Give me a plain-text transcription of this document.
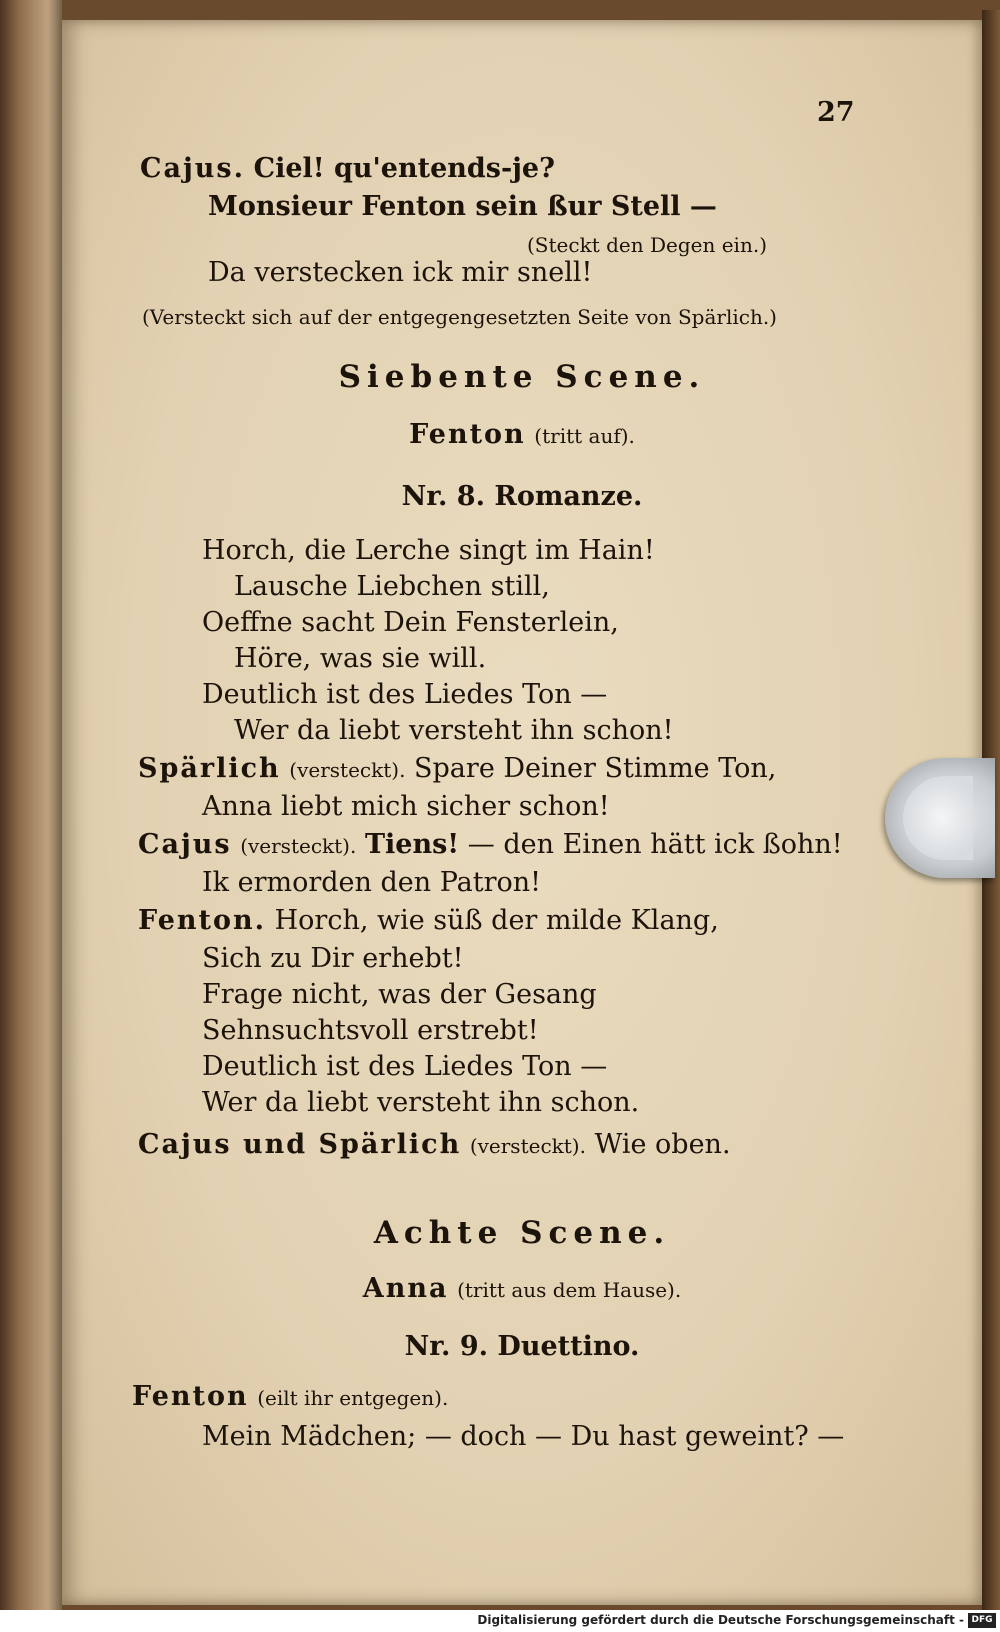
27
Cajus. Ciel! qu'entends-je?
Monsieur Fenton sein ßur Stell —
(Steckt den Degen ein.)
Da verstecken ick mir snell!
(Versteckt sich auf der entgegengesetzten Seite von Spärlich.)
Siebente Scene.
Fenton (tritt auf).
Nr. 8. Romanze.
Horch, die Lerche singt im Hain!
Lausche Liebchen still,
Oeffne sacht Dein Fensterlein,
Höre, was sie will.
Deutlich ist des Liedes Ton —
Wer da liebt versteht ihn schon!
Spärlich (versteckt). Spare Deiner Stimme Ton,
Anna liebt mich sicher schon!
Cajus (versteckt). Tiens! — den Einen hätt ick ßohn!
Ik ermorden den Patron!
Fenton. Horch, wie süß der milde Klang,
Sich zu Dir erhebt!
Frage nicht, was der Gesang
Sehnsuchtsvoll erstrebt!
Deutlich ist des Liedes Ton —
Wer da liebt versteht ihn schon.
Cajus und Spärlich (versteckt). Wie oben.
Achte Scene.
Anna (tritt aus dem Hause).
Nr. 9. Duettino.
Fenton (eilt ihr entgegen).
Mein Mädchen; — doch — Du hast geweint? —
Digitalisierung gefördert durch die Deutsche Forschungsgemeinschaft - DFG
